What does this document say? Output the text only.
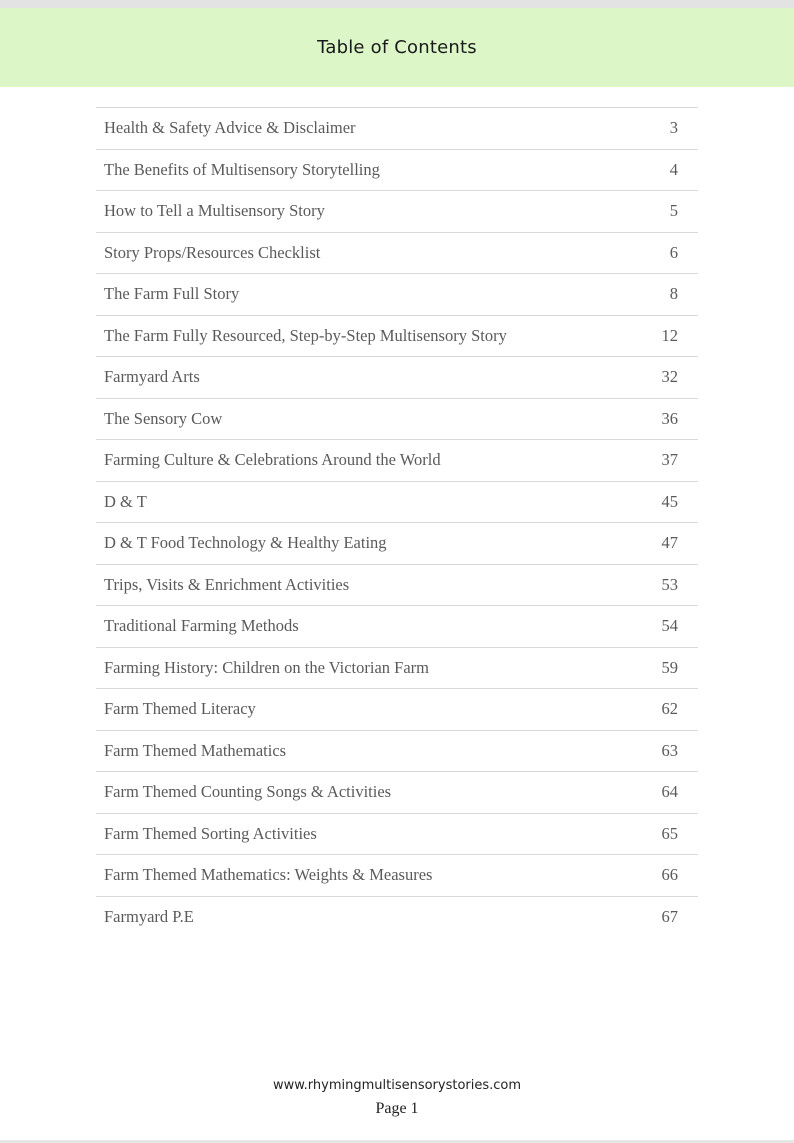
Table of Contents
Health & Safety Advice & Disclaimer	3
The Benefits of Multisensory Storytelling	4
How to Tell a Multisensory Story	5
Story Props/Resources Checklist	6
The Farm Full Story	8
The Farm Fully Resourced, Step-by-Step Multisensory Story	12
Farmyard Arts	32
The Sensory Cow	36
Farming Culture & Celebrations Around the World	37
D & T	45
D & T Food Technology & Healthy Eating	47
Trips, Visits & Enrichment Activities	53
Traditional Farming Methods	54
Farming History: Children on the Victorian Farm	59
Farm Themed Literacy	62
Farm Themed Mathematics	63
Farm Themed Counting Songs & Activities	64
Farm Themed Sorting Activities	65
Farm Themed Mathematics: Weights & Measures	66
Farmyard P.E	67
www.rhymingmultisensorystories.com
Page 1
